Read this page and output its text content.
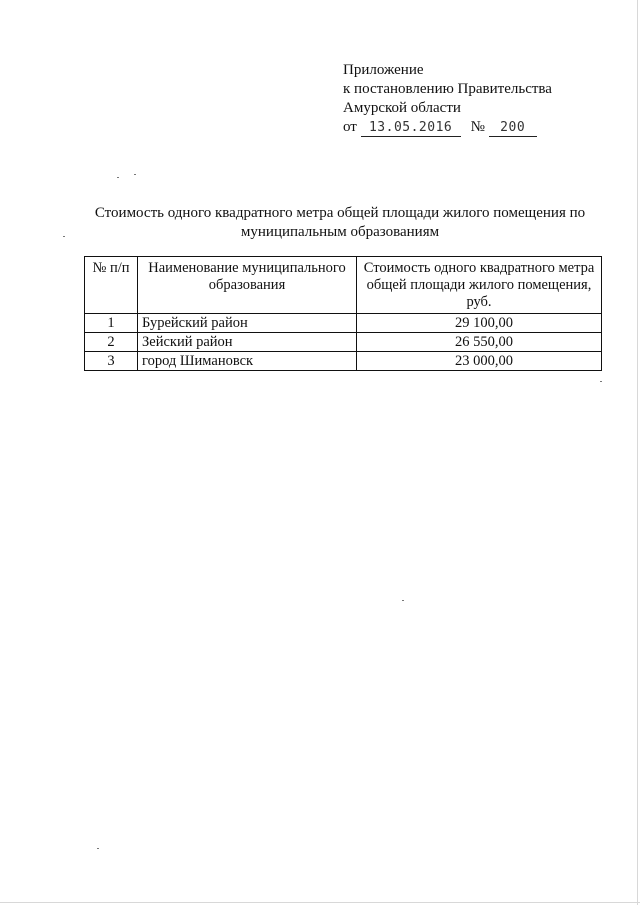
Приложение
к постановлению Правительства
Амурской области
от 13.05.2016 № 200
Стоимость одного квадратного метра общей площади жилого помещения по
муниципальным образованиям
№ п/п	Наименование муниципального образования	Стоимость одного квадратного метра общей площади жилого помещения, руб.
1	Бурейский район	29 100,00
2	Зейский район	26 550,00
3	город Шимановск	23 000,00
